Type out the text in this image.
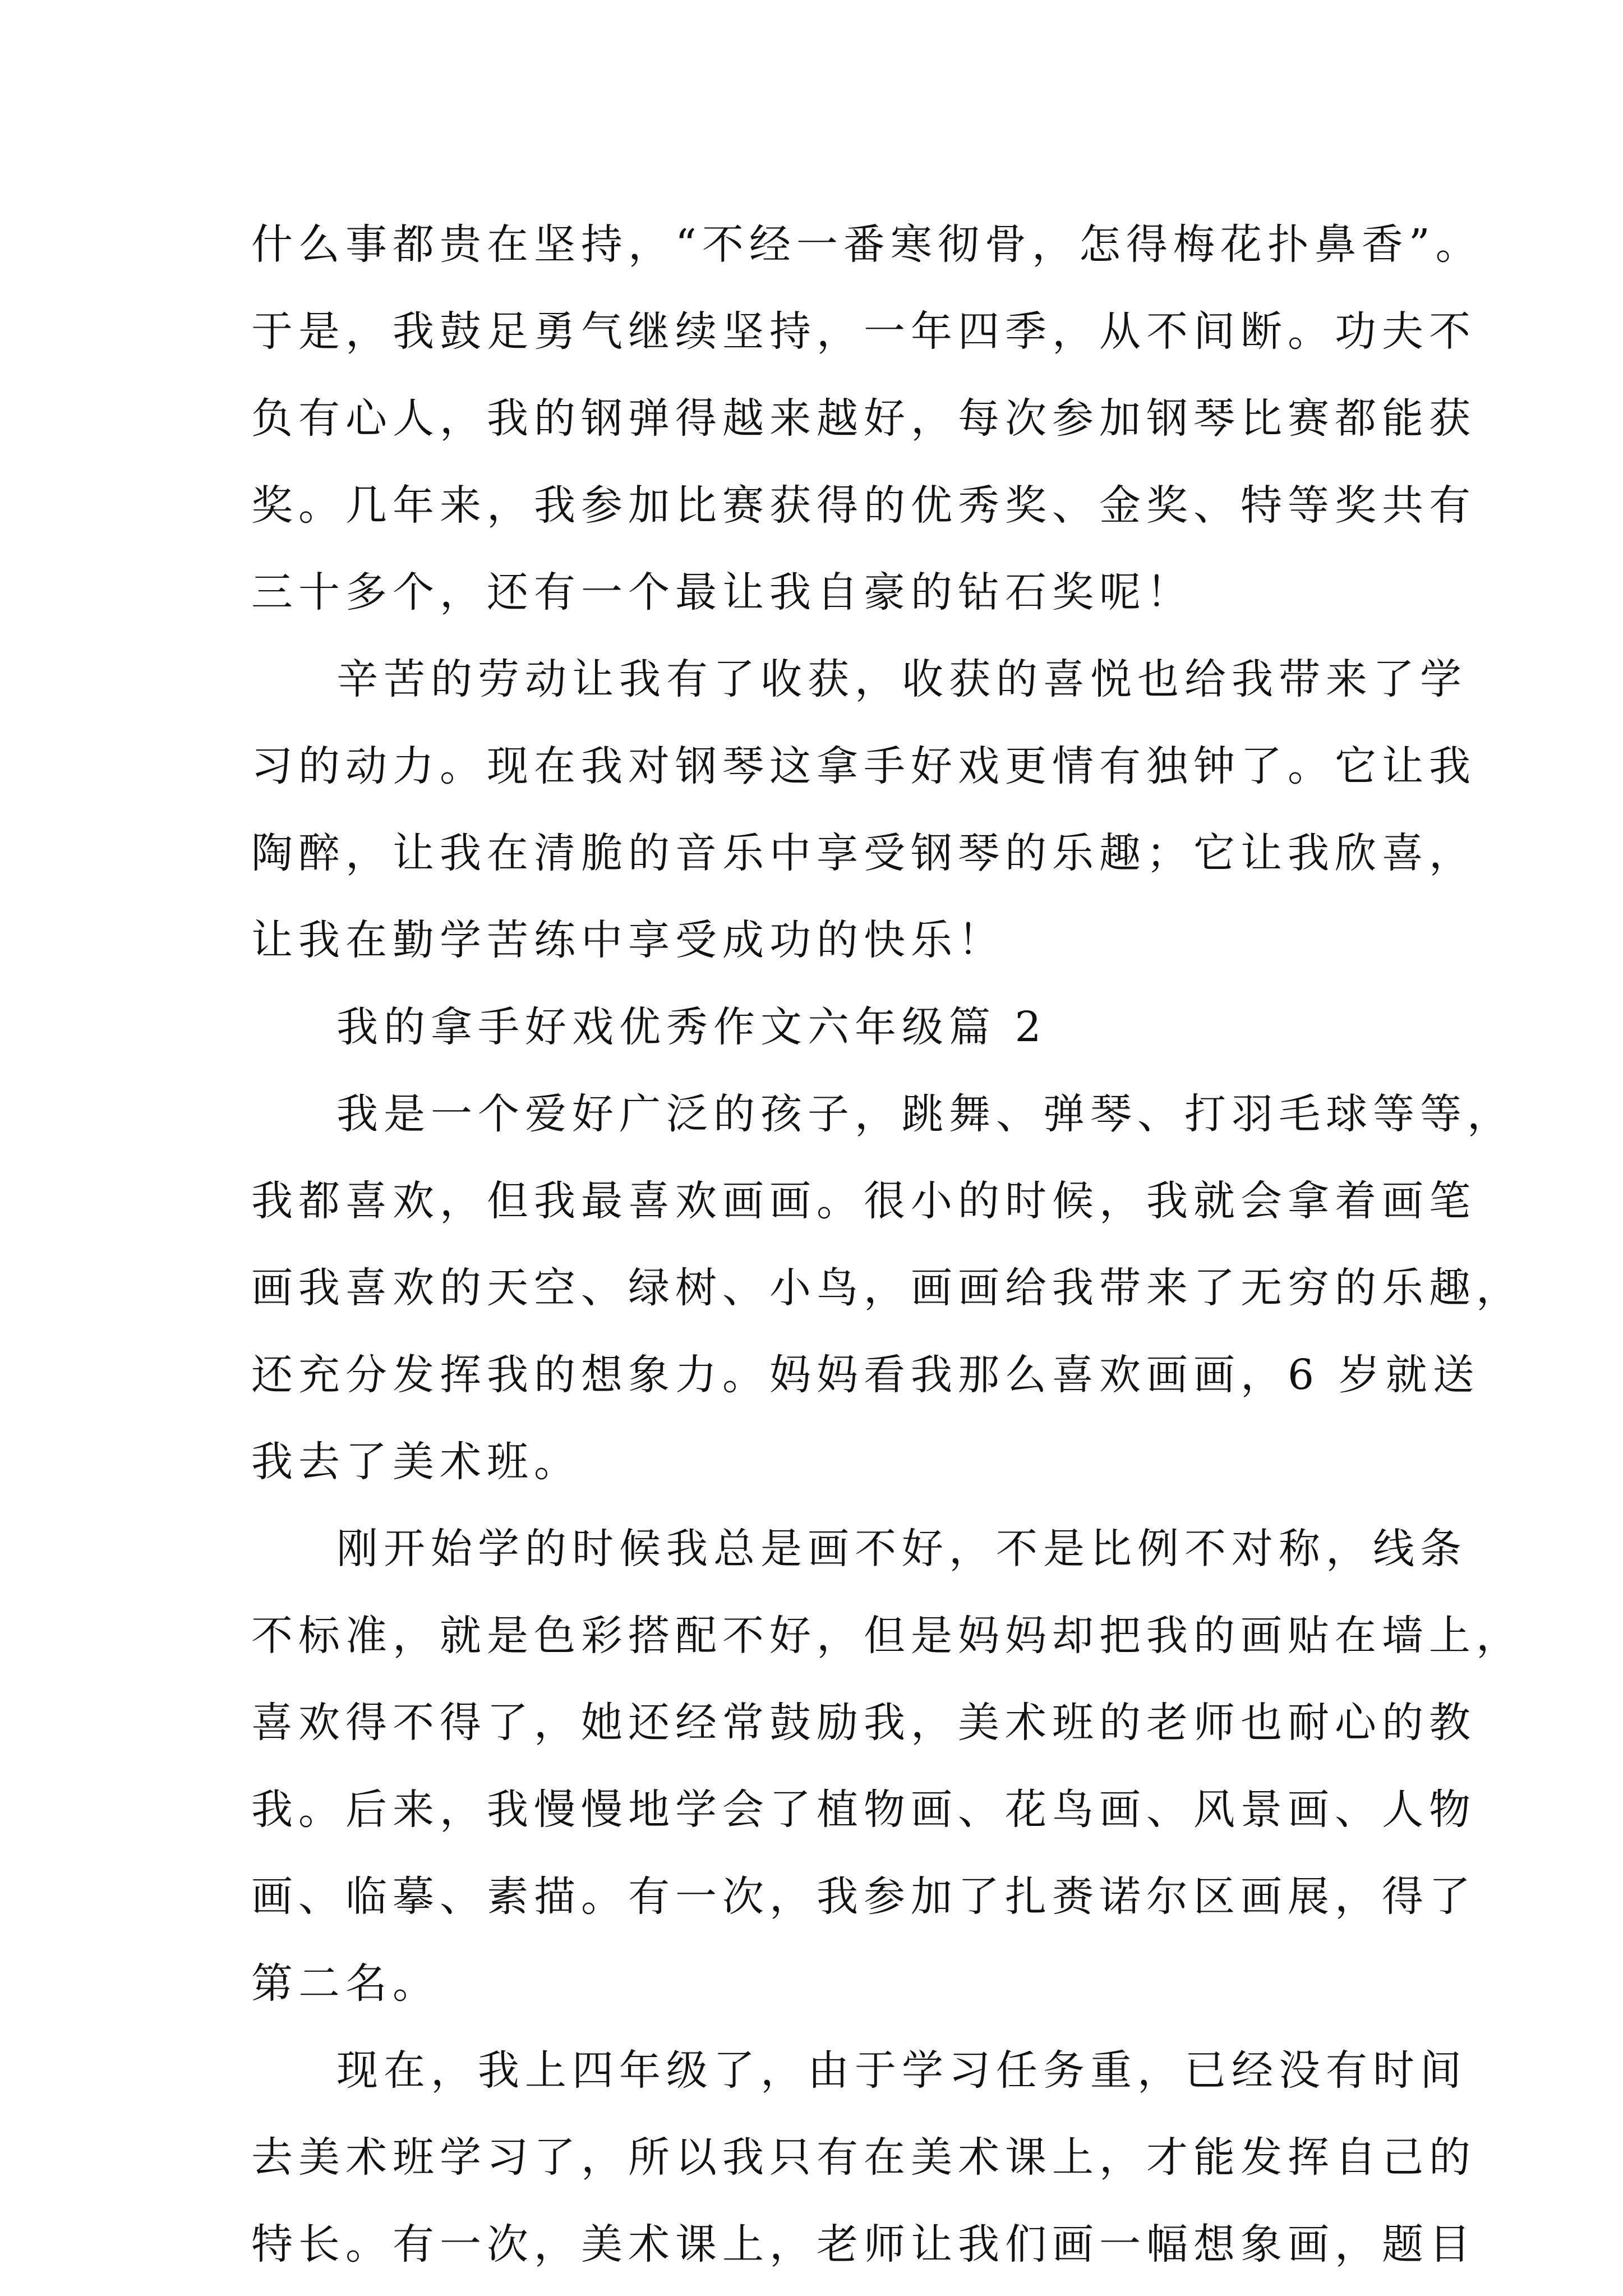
什么事都贵在坚持，“不经一番寒彻骨，怎得梅花扑鼻香”。
于是，我鼓足勇气继续坚持，一年四季，从不间断。功夫不
负有心人，我的钢弹得越来越好，每次参加钢琴比赛都能获
奖。几年来，我参加比赛获得的优秀奖、金奖、特等奖共有
三十多个，还有一个最让我自豪的钻石奖呢！
辛苦的劳动让我有了收获，收获的喜悦也给我带来了学
习的动力。现在我对钢琴这拿手好戏更情有独钟了。它让我
陶醉，让我在清脆的音乐中享受钢琴的乐趣；它让我欣喜，
让我在勤学苦练中享受成功的快乐！
我的拿手好戏优秀作文六年级篇 2
我是一个爱好广泛的孩子，跳舞、弹琴、打羽毛球等等，
我都喜欢，但我最喜欢画画。很小的时候，我就会拿着画笔
画我喜欢的天空、绿树、小鸟，画画给我带来了无穷的乐趣，
还充分发挥我的想象力。妈妈看我那么喜欢画画，6 岁就送
我去了美术班。
刚开始学的时候我总是画不好，不是比例不对称，线条
不标准，就是色彩搭配不好，但是妈妈却把我的画贴在墙上，
喜欢得不得了，她还经常鼓励我，美术班的老师也耐心的教
我。后来，我慢慢地学会了植物画、花鸟画、风景画、人物
画、临摹、素描。有一次，我参加了扎赉诺尔区画展，得了
第二名。
现在，我上四年级了，由于学习任务重，已经没有时间
去美术班学习了，所以我只有在美术课上，才能发挥自己的
特长。有一次，美术课上，老师让我们画一幅想象画，题目
